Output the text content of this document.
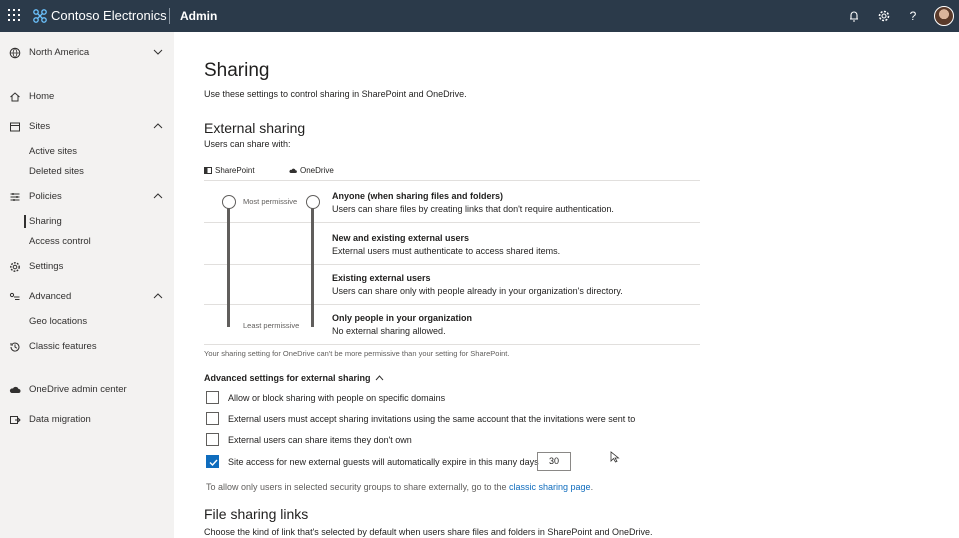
Contoso Electronics Admin	?
North America
Home
Sites
Active sites
Deleted sites
Policies
Sharing
Access control
Settings
Advanced
Geo locations
Classic features
OneDrive admin center
Data migration
Sharing
Use these settings to control sharing in SharePoint and OneDrive.
External sharing
Users can share with:
SharePoint	OneDrive
Most permissive
Least permissive
Anyone (when sharing files and folders)
Users can share files by creating links that don't require authentication.
New and existing external users
External users must authenticate to access shared items.
Existing external users
Users can share only with people already in your organization's directory.
Only people in your organization
No external sharing allowed.
Your sharing setting for OneDrive can't be more permissive than your setting for SharePoint.
Advanced settings for external sharing
Allow or block sharing with people on specific domains
External users must accept sharing invitations using the same account that the invitations were sent to
External users can share items they don't own
Site access for new external guests will automatically expire in this many days	30
To allow only users in selected security groups to share externally, go to the classic sharing page.
File sharing links
Choose the kind of link that's selected by default when users share files and folders in SharePoint and OneDrive.
